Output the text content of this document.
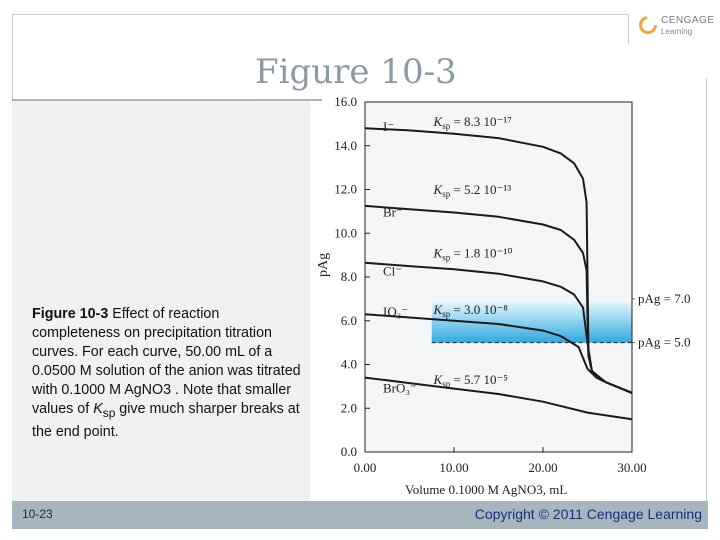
CENGAGE
Learning
Figure 10-3
Figure 10-3 Effect of reaction completeness on precipitation titration curves. For each curve, 50.00 mL of a 0.0500 M solution of the anion was titrated with 0.1000 M AgNO3 . Note that smaller values of $K_{sp}$ give much sharper breaks at the end point.
0.0
2.0
4.0
6.0
8.0
10.0
12.0
14.0
16.0
0.00	10.00	20.00	30.00
Volume 0.1000 M AgNO3, mL
pAg
I⁻	$K_{sp} = 8.3$ 10⁻¹⁷
Br⁻
$K_{sp} = 5.2$ 10⁻¹³
Cl⁻
$K_{sp} = 1.8$ 10⁻¹⁰
IO₃⁻ $K_{sp} = 3.0$ 10⁻⁸
BrO₃⁻
$K_{sp} = 5.7$ 10⁻⁵
pAg = 7.0
pAg = 5.0
10-23	Copyright © 2011 Cengage Learning
